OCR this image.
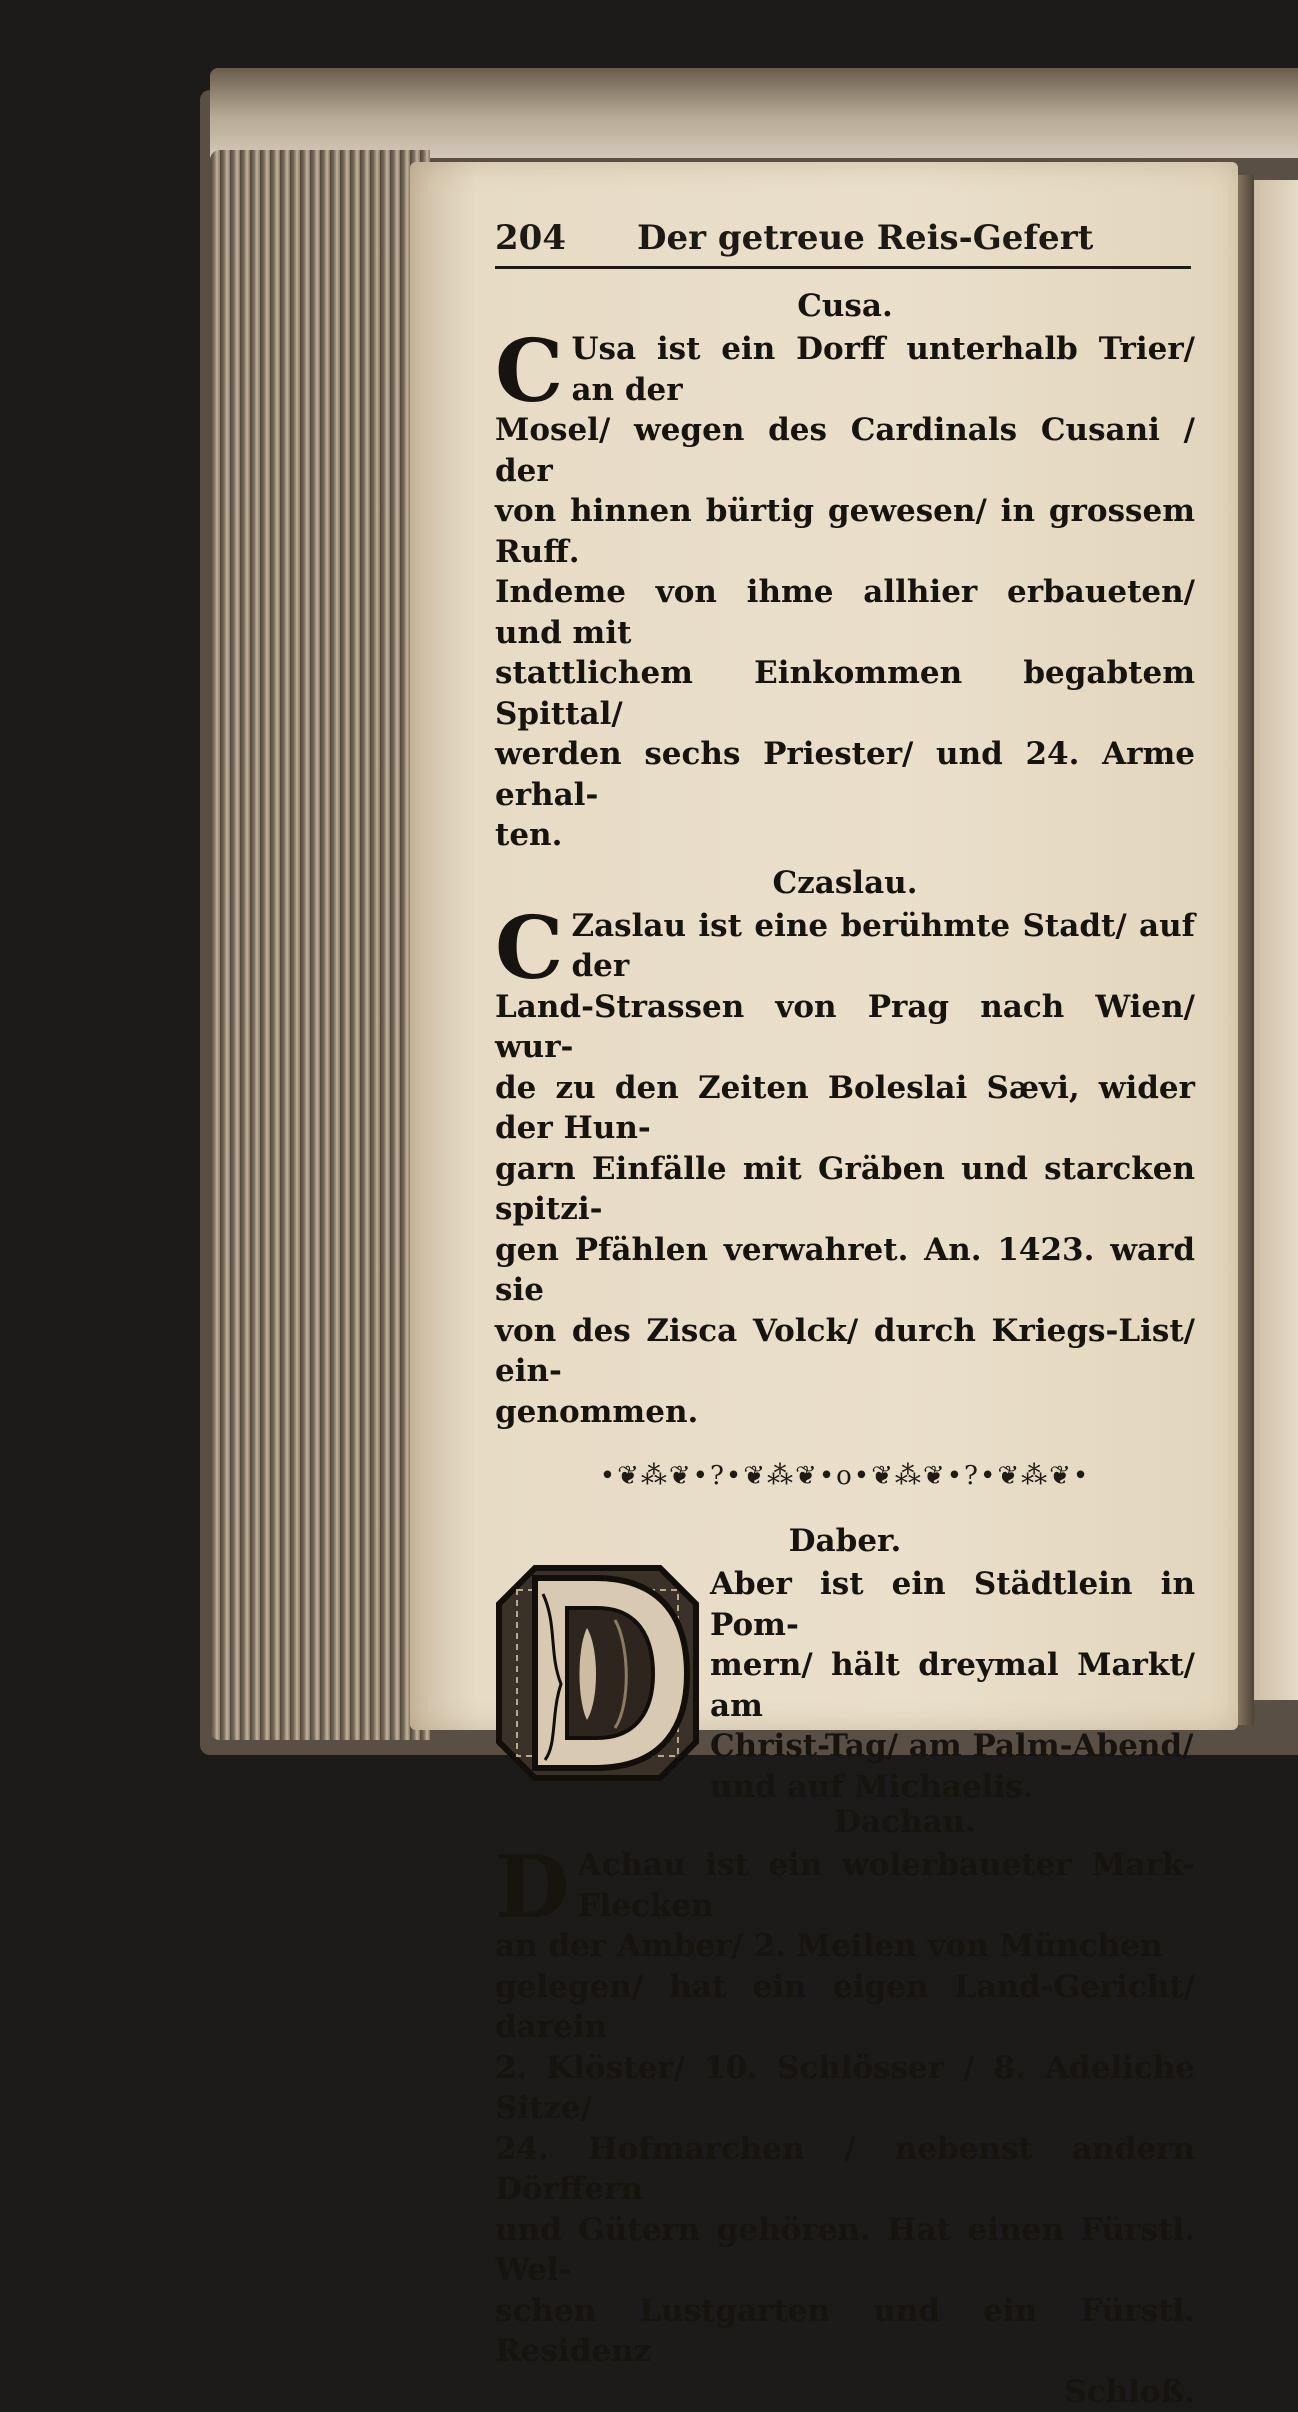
204 Der getreue Reis-Gefert

Cusa.

C Usa ist ein Dorff unterhalb Trier/ an der
Mosel/ wegen des Cardinals Cusani / der
von hinnen bürtig gewesen/ in grossem Ruff.
Indeme von ihme allhier erbaueten/ und mit
stattlichem Einkommen begabtem Spittal/
werden sechs Priester/ und 24. Arme erhal-
ten.

Czaslau.

C Zaslau ist eine berühmte Stadt/ auf der
Land-Strassen von Prag nach Wien/ wur-
de zu den Zeiten Boleslai Sævi, wider der Hun-
garn Einfälle mit Gräben und starcken spitzi-
gen Pfählen verwahret. An. 1423. ward sie
von des Zisca Volck/ durch Kriegs-List/ ein-
genommen.

•❦⁂❦•?•❦⁂❦•o•❦⁂❦•?•❦⁂❦•

Daber.

Aber ist ein Städtlein in Pom-
mern/ hält dreymal Markt/ am
Christ-Tag/ am Palm-Abend/
und auf Michaelis.

Dachau.

D Achau ist ein wolerbaueter Mark-Flecken
an der Amber/ 2. Meilen von München
gelegen/ hat ein eigen Land-Gericht/ darein
2. Klöster/ 10. Schlösser / 8. Adeliche Sitze/
24. Hofmarchen / nebenst andern Dörffern
und Gütern gehören. Hat einen Fürstl. Wel-
schen Lustgarten und ein Fürstl. Residenz

Schloß.
